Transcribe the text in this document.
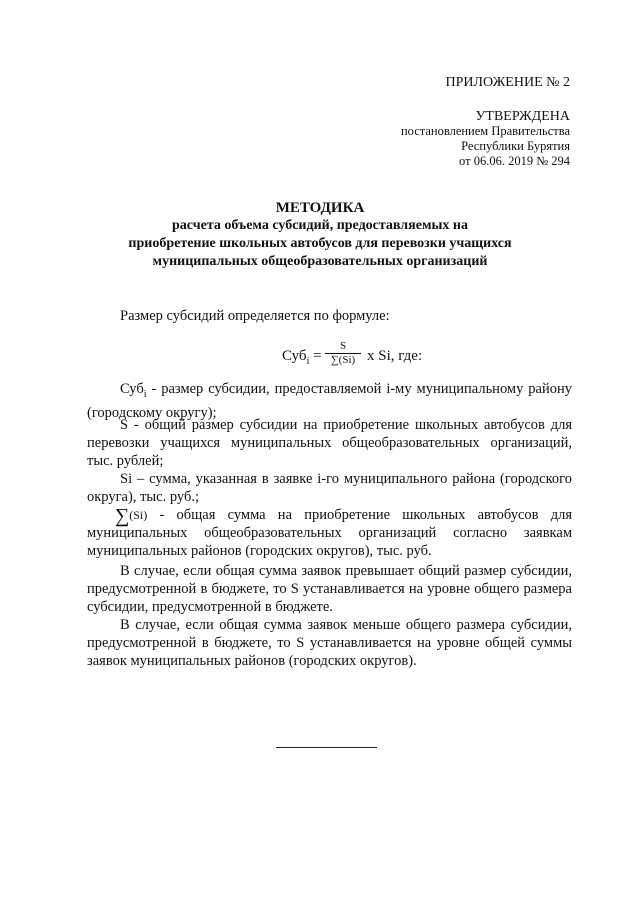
ПРИЛОЖЕНИЕ № 2
УТВЕРЖДЕНА
постановлением Правительства
Республики Бурятия
от 06.06. 2019 № 294
МЕТОДИКА
расчета объема субсидий, предоставляемых на
приобретение школьных автобусов для перевозки учащихся
муниципальных общеобразовательных организаций

Размер субсидий определяется по формуле:

Суб$_i$ =
S
∑(Si) x Si, где:

Суб$_i$ - размер субсидии, предоставляемой i-му муниципальному району (городскому округу);

S - общий размер субсидии на приобретение школьных автобусов для перевозки учащихся муниципальных общеобразовательных организаций, тыс. рублей;

Si – сумма, указанная в заявке i-го муниципального района (городского округа), тыс. руб.;

∑(Si) - общая сумма на приобретение школьных автобусов для муниципальных общеобразовательных организаций согласно заявкам муниципальных районов (городских округов), тыс. руб.

В случае, если общая сумма заявок превышает общий размер субсидии, предусмотренной в бюджете, то S устанавливается на уровне общего размера субсидии, предусмотренной в бюджете.

В случае, если общая сумма заявок меньше общего размера субсидии, предусмотренной в бюджете, то S устанавливается на уровне общей суммы заявок муниципальных районов (городских округов).
